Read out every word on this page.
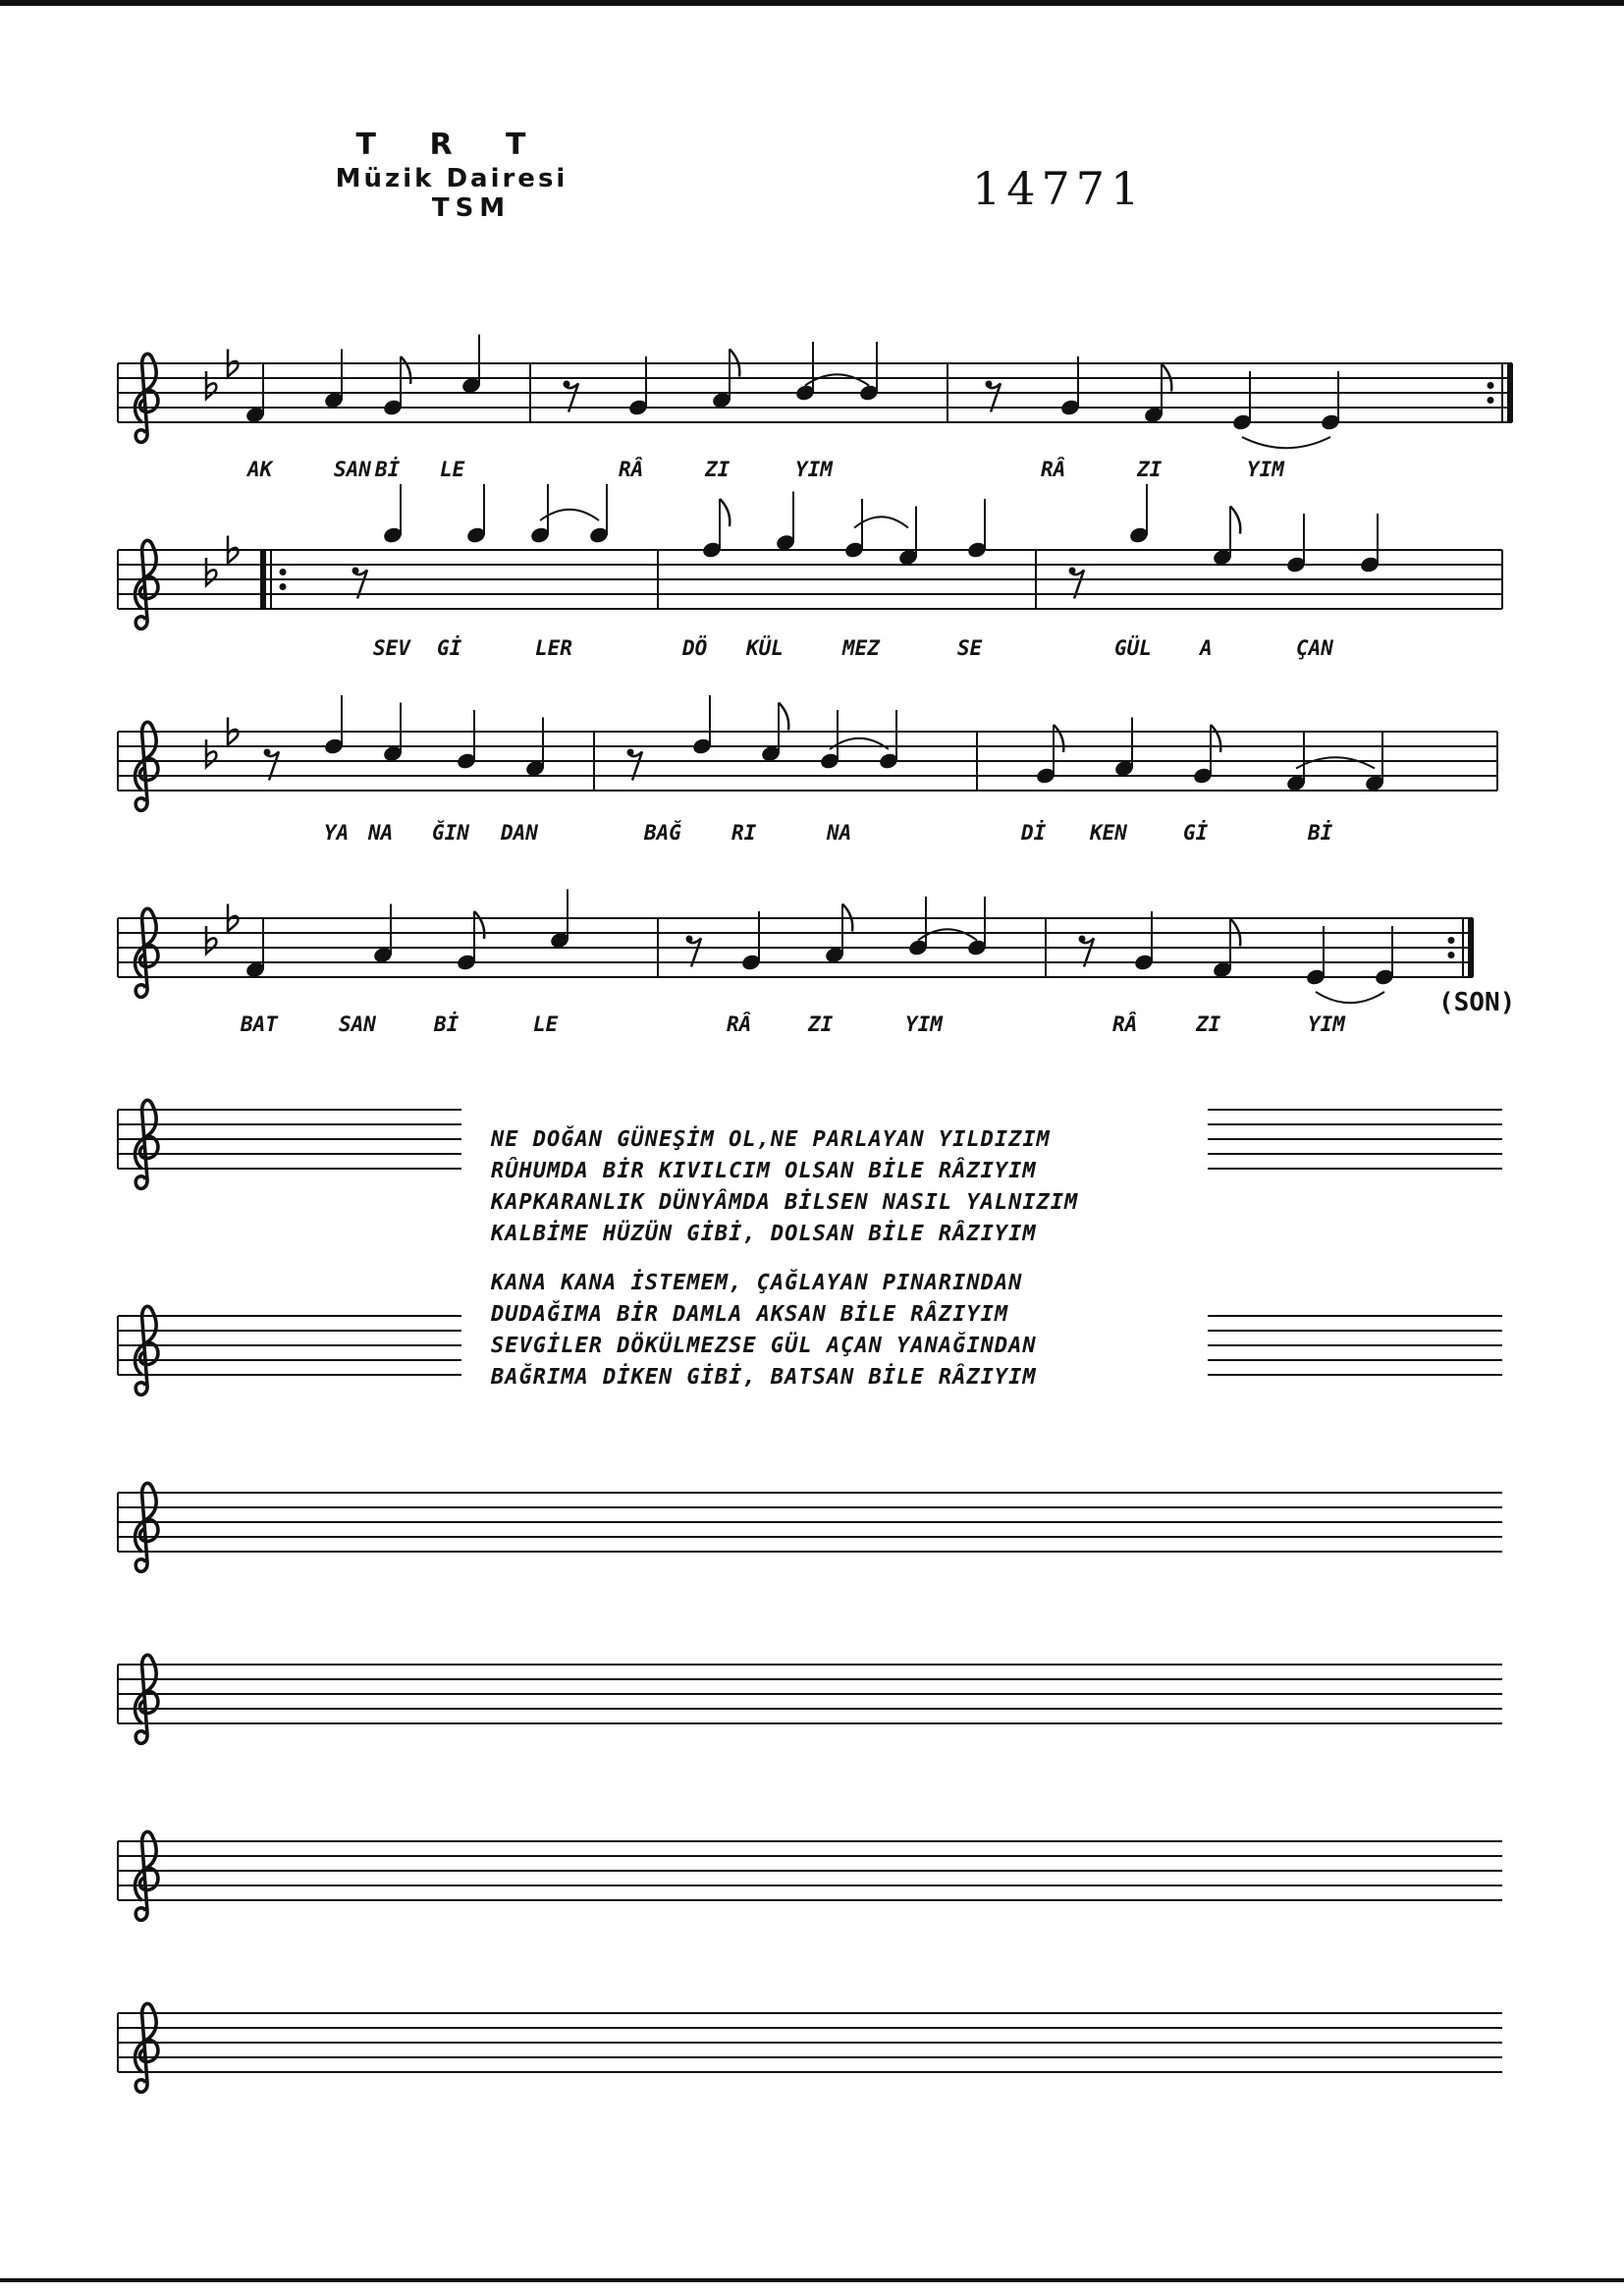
T R T
Müzik Dairesi
TSM	14771
AK	SAN Bİ LE	RÂ	ZI	YIM	RÂ	ZI	YIM
SEV Gİ	LER	DÖ KÜL	MEZ	SE	GÜL A	ÇAN
YA NA ĞIN DAN	BAĞ RI	NA	Dİ KEN	Gİ	Bİ
BAT	SAN	Bİ	LE	RÂ	ZI	YIM	RÂ	ZI	YIM
(SON)
NE DOĞAN GÜNEŞİM OL,NE PARLAYAN YILDIZIM
RÛHUMDA BİR KIVILCIM OLSAN BİLE RÂZIYIM
KAPKARANLIK DÜNYÂMDA BİLSEN NASIL YALNIZIM
KALBİME HÜZÜN GİBİ, DOLSAN BİLE RÂZIYIM
KANA KANA İSTEMEM, ÇAĞLAYAN PINARINDAN
DUDAĞIMA BİR DAMLA AKSAN BİLE RÂZIYIM
SEVGİLER DÖKÜLMEZSE GÜL AÇAN YANAĞINDAN
BAĞRIMA DİKEN GİBİ, BATSAN BİLE RÂZIYIM
